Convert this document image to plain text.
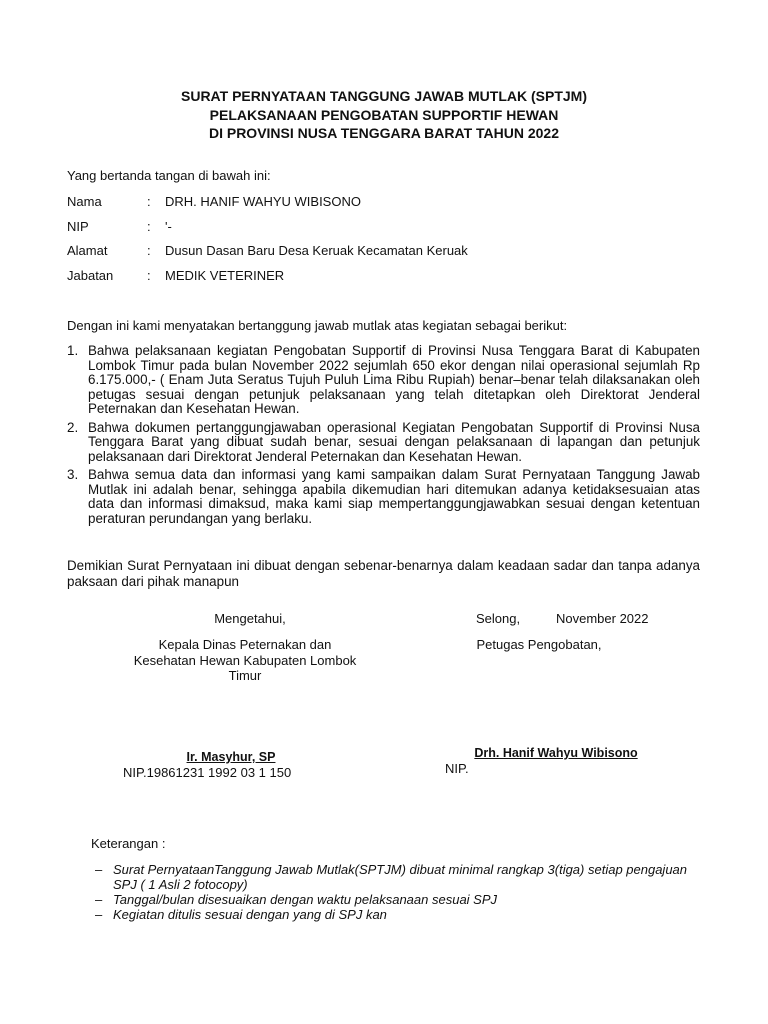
SURAT PERNYATAAN TANGGUNG JAWAB MUTLAK (SPTJM)
PELAKSANAAN PENGOBATAN SUPPORTIF HEWAN
DI PROVINSI NUSA TENGGARA BARAT TAHUN 2022
Yang bertanda tangan di bawah ini:
Nama	:	DRH. HANIF WAHYU WIBISONO
NIP	:	'-
Alamat	:	Dusun Dasan Baru Desa Keruak Kecamatan Keruak
Jabatan	:	MEDIK VETERINER
Dengan ini kami menyatakan bertanggung jawab mutlak atas kegiatan sebagai berikut:
1. Bahwa pelaksanaan kegiatan Pengobatan Supportif di Provinsi Nusa Tenggara Barat di Kabupaten Lombok Timur pada bulan November 2022 sejumlah 650 ekor dengan nilai operasional sejumlah Rp 6.175.000,- ( Enam Juta Seratus Tujuh Puluh Lima Ribu Rupiah) benar–benar telah dilaksanakan oleh petugas sesuai dengan petunjuk pelaksanaan yang telah ditetapkan oleh Direktorat Jenderal Peternakan dan Kesehatan Hewan.
2. Bahwa dokumen pertanggungjawaban operasional Kegiatan Pengobatan Supportif di Provinsi Nusa Tenggara Barat yang dibuat sudah benar, sesuai dengan pelaksanaan di lapangan dan petunjuk pelaksanaan dari Direktorat Jenderal Peternakan dan Kesehatan Hewan.
3. Bahwa semua data dan informasi yang kami sampaikan dalam Surat Pernyataan Tanggung Jawab Mutlak ini adalah benar, sehingga apabila dikemudian hari ditemukan adanya ketidaksesuaian atas data dan informasi dimaksud, maka kami siap mempertanggungjawabkan sesuai dengan ketentuan peraturan perundangan yang berlaku.
Demikian Surat Pernyataan ini dibuat dengan sebenar-benarnya dalam keadaan sadar dan tanpa adanya paksaan dari pihak manapun
Mengetahui,
Kepala Dinas Peternakan dan
Kesehatan Hewan Kabupaten Lombok
Timur
Ir. Masyhur, SP
NIP.19861231 1992 03 1 150
Selong,	November 2022
Petugas Pengobatan,
Drh. Hanif Wahyu Wibisono
NIP.
Keterangan :
– Surat PernyataanTanggung Jawab Mutlak(SPTJM) dibuat minimal rangkap 3(tiga) setiap pengajuan SPJ ( 1 Asli 2 fotocopy)
– Tanggal/bulan disesuaikan dengan waktu pelaksanaan sesuai SPJ
– Kegiatan ditulis sesuai dengan yang di SPJ kan
